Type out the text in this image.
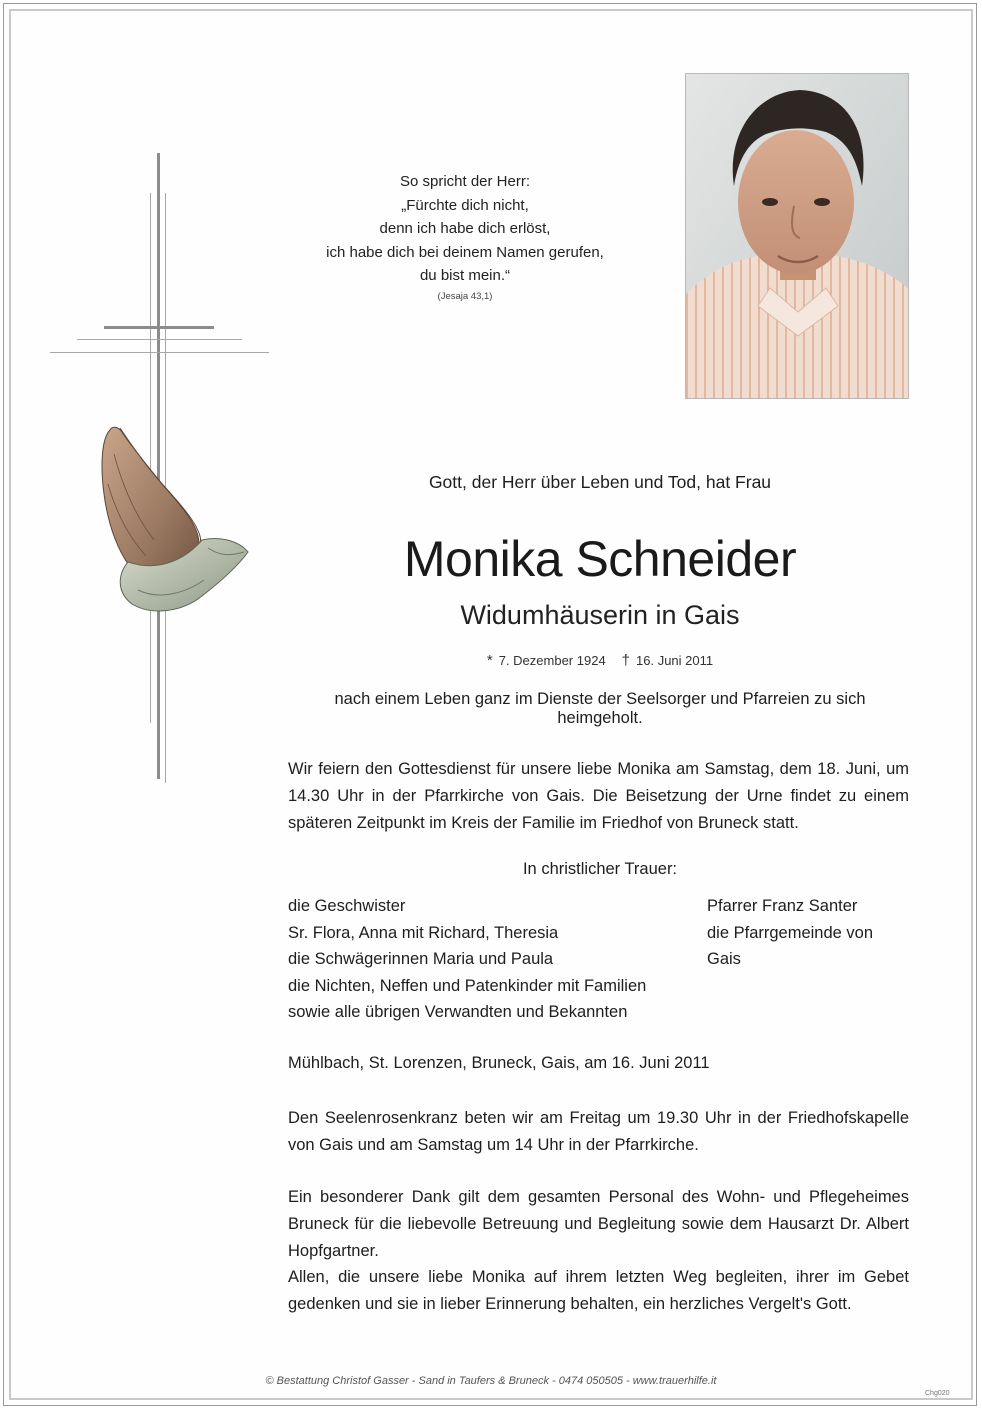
So spricht der Herr:
„Fürchte dich nicht,
denn ich habe dich erlöst,
ich habe dich bei deinem Namen gerufen,
du bist mein.“
(Jesaja 43,1)
Gott, der Herr über Leben und Tod, hat Frau
Monika Schneider
Widumhäuserin in Gais
* 7. Dezember 1924 † 16. Juni 2011
nach einem Leben ganz im Dienste der Seelsorger und Pfarreien zu sich heimgeholt.
Wir feiern den Gottesdienst für unsere liebe Monika am Samstag, dem 18. Juni, um 14.30 Uhr in der Pfarrkirche von Gais. Die Beisetzung der Urne findet zu einem späteren Zeitpunkt im Kreis der Familie im Friedhof von Bruneck statt.
In christlicher Trauer:
die Geschwister
Sr. Flora, Anna mit Richard, Theresia
die Schwägerinnen Maria und Paula
die Nichten, Neffen und Patenkinder mit Familien
sowie alle übrigen Verwandten und Bekannten
Pfarrer Franz Santer
die Pfarrgemeinde von Gais
Mühlbach, St. Lorenzen, Bruneck, Gais, am 16. Juni 2011
Den Seelenrosenkranz beten wir am Freitag um 19.30 Uhr in der Friedhofskapelle von Gais und am Samstag um 14 Uhr in der Pfarrkirche.
Ein besonderer Dank gilt dem gesamten Personal des Wohn- und Pflegeheimes Bruneck für die liebevolle Betreuung und Begleitung sowie dem Hausarzt Dr. Albert Hopfgartner.
Allen, die unsere liebe Monika auf ihrem letzten Weg begleiten, ihrer im Gebet gedenken und sie in lieber Erinnerung behalten, ein herzliches Vergelt's Gott.
© Bestattung Christof Gasser - Sand in Taufers & Bruneck - 0474 050505 - www.trauerhilfe.it
Chg020
